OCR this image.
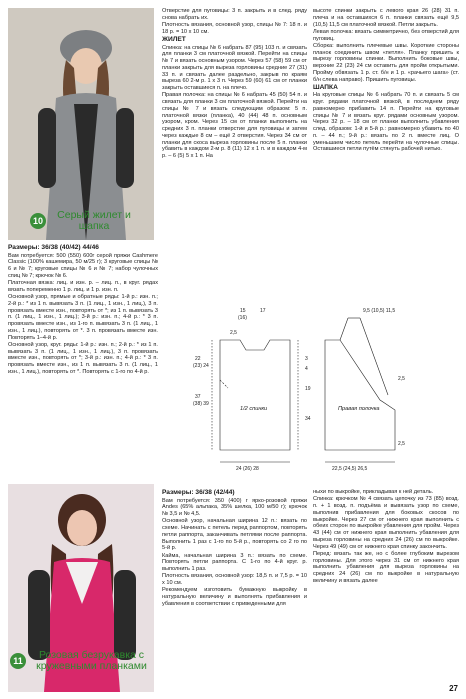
10	Серый жилет и шапка
11	Розовая безрукавка с кружевными планками

Размеры: 36/38 (40/42) 44/46

Вам потребуется: 500 (550) 600г серой пряжи Cashmere Classic (100% кашемира, 50 м/25 г); 3 круговые спицы № 6 и № 7; круговые спицы № 6 и № 7; набор чулочных спиц № 7; крючок № 6.

Платочная вязка: лиц. и изн. р. – лиц. п., в круг. рядах вязать попеременно 1 р. лиц. и 1 р. изн. п.

Основной узор, прямые и обратные ряды: 1-й р.: изн. п.; 2-й р.: * из 1 п. вывязать 3 п. (1 лиц., 1 изн., 1 лиц.), 3 п. провязать вместе изн., повторять от *; из 1 п. вывязать 3 п. (1 лиц., 1 изн., 1 лиц.); 3-й р.: изн. п.; 4-й р.: * 3 п. провязать вместе изн., из 1-го п. вывязать 3 п. (1 лиц., 1 изн., 1 лиц.), повторять от *. 3 п. провязать вместе изн. Повторять 1–4-й р.

Основной узор, круг. ряды: 1-й р.: изн. п.; 2-й р.: * из 1 п. вывязать 3 п. (1 лиц., 1 изн., 1 лиц.), 3 п. провязать вместе изн., повторять от *; 3-й р.: изн. п.; 4-й р.: * 3 п. провязать вместе изн., из 1 п. вывязать 3 п. (1 лиц., 1 изн., 1 лиц.), повторять от *. Повторять с 1-го по 4-й р.

Отверстие для пуговицы: 3 п. закрыть и в след. ряду снова набрать их.

Плотность вязания, основной узор, спицы № 7: 18 п. и 18 р. = 10 х 10 см.

ЖИЛЕТ

Спинка: на спицы № 6 набрать 87 (95) 103 п. и связать для планки 3 см платочной вязкой. Перейти на спицы № 7 и вязать основным узором. Через 57 (58) 59 см от планки закрыть для выреза горловины средние 27 (31) 33 п. и связать далее раздельно, закрыв по краям выреза 60 2-м р. 1 х 3 п. Через 59 (60) 61 см от планки закрыть оставшиеся п. на плечо.

Правая полочка: на спицы № 6 набрать 45 (50) 54 п. и связать для планки 3 см платочной вязкой. Перейти на спицы № 7 и вязать следующим образом: 5 п. платочной вязки (планка), 40 (44) 48 п. основным узором, кром. Через 15 см от планки выполнить на средних 3 п. планки отверстие для пуговицы и затем через каждые 8 см – ещё 2 отверстия. Через 34 см от планки для скоса выреза горловины после 5 п. планки убавить в каждом 2-м р. 8 (11) 12 х 1 п. и в каждом 4-м р. – 6 (5) 5 х 1 п. На

высоте спинки закрыть с левого края 26 (28) 31 п. плеча и на оставшихся 6 п. планки связать ещё 9,5 (10,5) 11,5 см платочной вязкой. Петли закрыть.

Левая полочка: вязать симметрично, без отверстий для пуговиц.

Сборка: выполнить плечевые швы. Короткие стороны планок соединить швом «петля». Планку пришить к вырезу горловины спинки. Выполнить боковые швы, верхние 22 (23) 24 см оставить для пройм открытыми. Пройму обвязать 1 р. ст. б/н и 1 р. «рачьего шага» (ст. б/н слева направо). Пришить пуговицы.

ШАПКА

На круговые спицы № 6 набрать 70 п. и связать 5 см круг. рядами платочной вязкой, в последнем ряду равномерно прибавить 14 п. Перейти на круговые спицы № 7 и вязать круг. рядами основным узором. Через 32 р. – 18 см от планки выполнить убавления след. образом: 1-й и 5-й р.: равномерно убавить по 40 п. – 44 п.; 9-й р.: вязать по 2 п. вместе лиц. О уменьшаем число петель перейти на чулочные спицы. Оставшиеся петли путём стянуть рабочей нитью.

1/2 спинки	Правая полочка
24 (26) 28	22,5 (24,5) 26,5
37
(38) 39
22
(23) 24
15
(16)
17
2,5
9,5 (10,5) 11,5
3
4
19
34
2,5
2,5

Размеры: 36/38 (42/44)

Вам потребуется: 350 (400) г ярко-розовой пряжи Andes (65% альпака, 35% шелка, 100 м/50 г); крючок № 3,5 и № 4,5.

Основной узор, начальная ширина 12 п.: вязать по схеме. Начинать с петель перед раппортом, повторять петли раппорта, заканчивать петлями после раппорта. Выполнить 1 раз с 1-го по 5-й р., повторять со 2 го по 5-й р.

Кайма, начальная ширина 3 п.: вязать по схеме. Повторять петли раппорта. С 1-го по 4-й круг. р. выполнить 1 раз.

Плотность вязания, основной узор: 18,5 п. и 7,5 р. = 10 х 10 см.

Рекомендуем изготовить бумажную выкройку в натуральную величину и выполнять прибавления и убавления в соответствии с приведенными для

ныхи по выкройке, прикладывая к ней деталь.

Спинка: крючком № 4 связать цепочку из 73 (85) возд. п. + 1 возд. п. подъёма и вывязать узор по схеме, выполнив прибавления для боковых скосов по выкройке. Через 27 см от нижнего края выполнить с обеих сторон по выкройке убавления для пройм. Через 43 (44) см от нижнего края выполнить убавления для выреза горловины на средних 24 (26) см по выкройке. Через 49 (49) см от нижнего края спинку закончить.

Перед: вязать так же, но с более глубоким вырезом горловины. Для этого через 31 см от нижнего края выполнить убавления для выреза горловины на средних 24 (26) см по выкройке в натуральную величину и вязать далее

27
